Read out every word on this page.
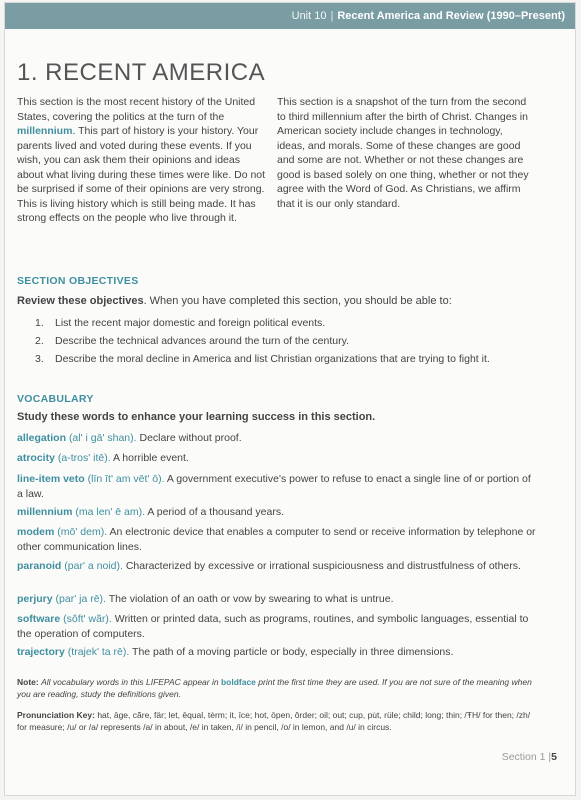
Unit 10 | Recent America and Review (1990–Present)
1. RECENT AMERICA
This section is the most recent history of the United States, covering the politics at the turn of the millennium. This part of history is your history. Your parents lived and voted during these events. If you wish, you can ask them their opinions and ideas about what living during these times were like. Do not be surprised if some of their opinions are very strong. This is living history which is still being made. It has strong effects on the people who live through it.
This section is a snapshot of the turn from the second to third millennium after the birth of Christ. Changes in American society include changes in technology, ideas, and morals. Some of these changes are good and some are not. Whether or not these changes are good is based solely on one thing, whether or not they agree with the Word of God. As Christians, we affirm that it is our only standard.
SECTION OBJECTIVES
Review these objectives. When you have completed this section, you should be able to:
1.	List the recent major domestic and foreign political events.
2.	Describe the technical advances around the turn of the century.
3.	Describe the moral decline in America and list Christian organizations that are trying to fight it.
VOCABULARY
Study these words to enhance your learning success in this section.
allegation (al' i gā' shan). Declare without proof.
atrocity (a-tros' itē). A horrible event.
line-item veto (līn īt' am vēt' ō). A government executive's power to refuse to enact a single line of or portion of a law.
millennium (ma len' ē am). A period of a thousand years.
modem (mō' dem). An electronic device that enables a computer to send or receive information by telephone or other communication lines.
paranoid (par' a noid). Characterized by excessive or irrational suspiciousness and distrustfulness of others.
perjury (par' ja rē). The violation of an oath or vow by swearing to what is untrue.
software (sôft' wãr). Written or printed data, such as programs, routines, and symbolic languages, essential to the operation of computers.
trajectory (trajek' ta rē). The path of a moving particle or body, especially in three dimensions.
Note: All vocabulary words in this LIFEPAC appear in boldface print the first time they are used. If you are not sure of the meaning when you are reading, study the definitions given.
Pronunciation Key: hat, āge, cãre, fär; let, ēqual, tėrm; it, īce; hot, ōpen, ôrder; oil; out; cup, pu̇t, rüle; child; long; thin; /ŦH/ for then; /zh/ for measure; /u/ or /a/ represents /a/ in about, /e/ in taken, /i/ in pencil, /o/ in lemon, and /u/ in circus.
Section 1 |5
